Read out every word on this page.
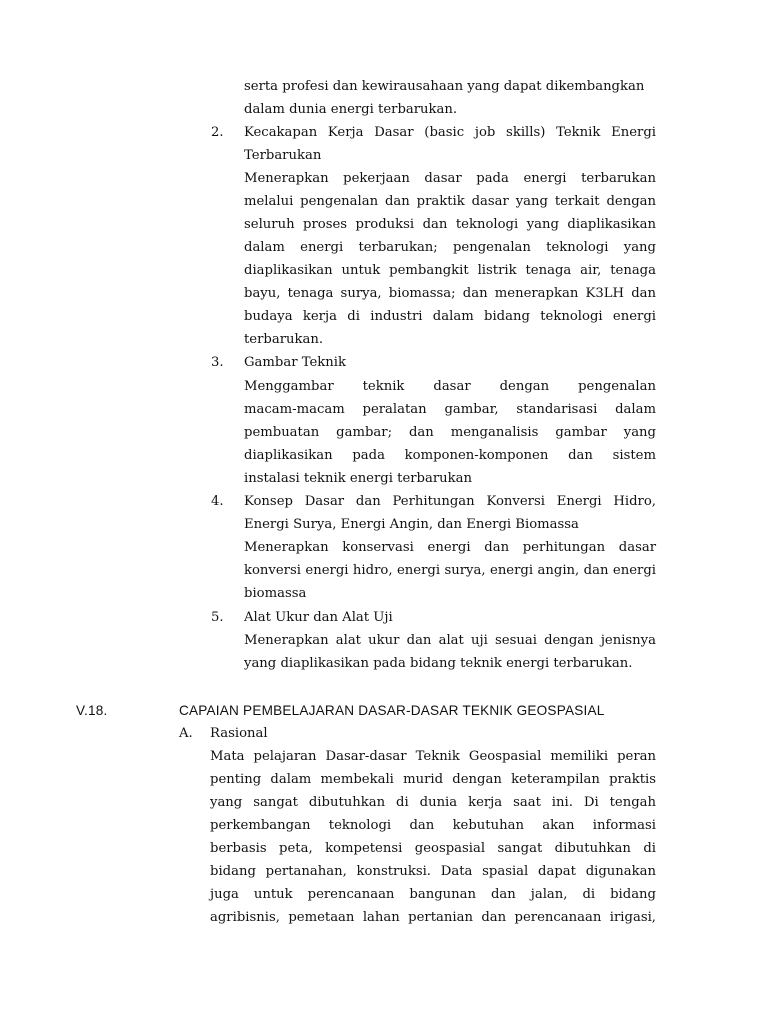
serta profesi dan kewirausahaan yang dapat dikembangkan
dalam dunia energi terbarukan.
2. Kecakapan Kerja Dasar (basic job skills) Teknik Energi
Terbarukan
Menerapkan pekerjaan dasar pada energi terbarukan
melalui pengenalan dan praktik dasar yang terkait dengan
seluruh proses produksi dan teknologi yang diaplikasikan
dalam energi terbarukan; pengenalan teknologi yang
diaplikasikan untuk pembangkit listrik tenaga air, tenaga
bayu, tenaga surya, biomassa; dan menerapkan K3LH dan
budaya kerja di industri dalam bidang teknologi energi
terbarukan.
3. Gambar Teknik
Menggambar teknik dasar dengan pengenalan
macam-macam peralatan gambar, standarisasi dalam
pembuatan gambar; dan menganalisis gambar yang
diaplikasikan pada komponen-komponen dan sistem
instalasi teknik energi terbarukan
4. Konsep Dasar dan Perhitungan Konversi Energi Hidro,
Energi Surya, Energi Angin, dan Energi Biomassa
Menerapkan konservasi energi dan perhitungan dasar
konversi energi hidro, energi surya, energi angin, dan energi
biomassa
5. Alat Ukur dan Alat Uji
Menerapkan alat ukur dan alat uji sesuai dengan jenisnya
yang diaplikasikan pada bidang teknik energi terbarukan.
V.18.	CAPAIAN PEMBELAJARAN DASAR-DASAR TEKNIK GEOSPASIAL
A. Rasional
Mata pelajaran Dasar-dasar Teknik Geospasial memiliki peran
penting dalam membekali murid dengan keterampilan praktis
yang sangat dibutuhkan di dunia kerja saat ini. Di tengah
perkembangan teknologi dan kebutuhan akan informasi
berbasis peta, kompetensi geospasial sangat dibutuhkan di
bidang pertanahan, konstruksi. Data spasial dapat digunakan
juga untuk perencanaan bangunan dan jalan, di bidang
agribisnis, pemetaan lahan pertanian dan perencanaan irigasi,
